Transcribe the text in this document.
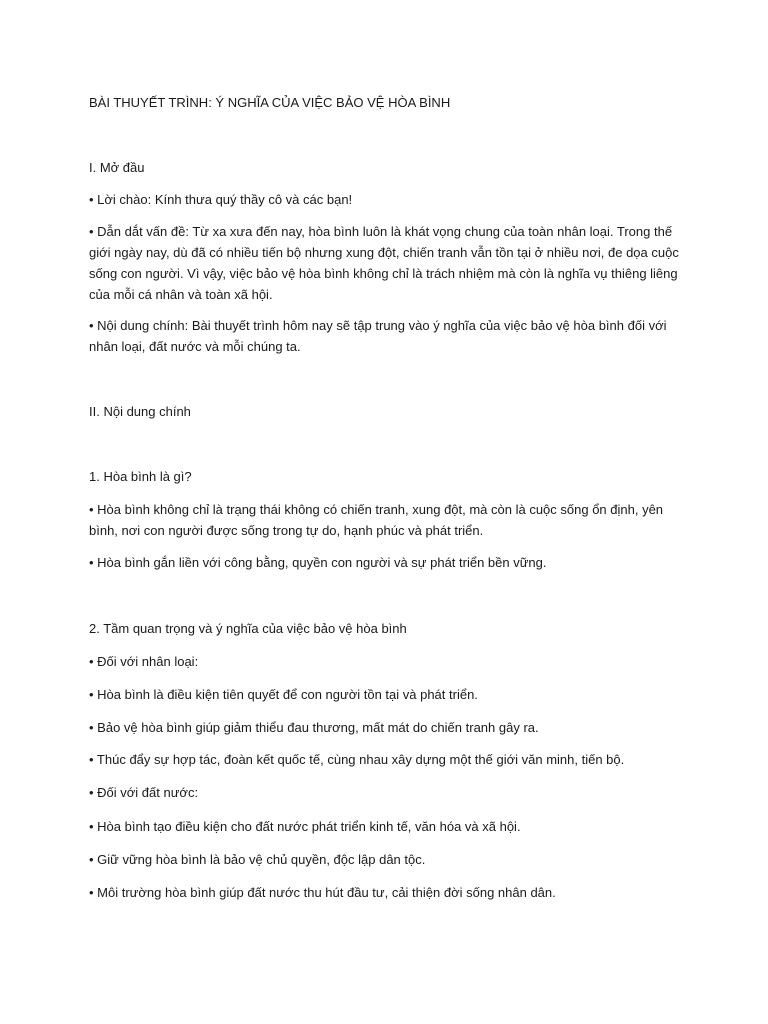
BÀI THUYẾT TRÌNH: Ý NGHĨA CỦA VIỆC BẢO VỆ HÒA BÌNH
I. Mở đầu
• Lời chào: Kính thưa quý thầy cô và các bạn!
• Dẫn dắt vấn đề: Từ xa xưa đến nay, hòa bình luôn là khát vọng chung của toàn nhân loại. Trong thế giới ngày nay, dù đã có nhiều tiến bộ nhưng xung đột, chiến tranh vẫn tồn tại ở nhiều nơi, đe dọa cuộc sống con người. Vì vậy, việc bảo vệ hòa bình không chỉ là trách nhiệm mà còn là nghĩa vụ thiêng liêng của mỗi cá nhân và toàn xã hội.
• Nội dung chính: Bài thuyết trình hôm nay sẽ tập trung vào ý nghĩa của việc bảo vệ hòa bình đối với nhân loại, đất nước và mỗi chúng ta.
II. Nội dung chính
1. Hòa bình là gì?
• Hòa bình không chỉ là trạng thái không có chiến tranh, xung đột, mà còn là cuộc sống ổn định, yên bình, nơi con người được sống trong tự do, hạnh phúc và phát triển.
• Hòa bình gắn liền với công bằng, quyền con người và sự phát triển bền vững.
2. Tầm quan trọng và ý nghĩa của việc bảo vệ hòa bình
• Đối với nhân loại:
• Hòa bình là điều kiện tiên quyết để con người tồn tại và phát triển.
• Bảo vệ hòa bình giúp giảm thiểu đau thương, mất mát do chiến tranh gây ra.
• Thúc đẩy sự hợp tác, đoàn kết quốc tế, cùng nhau xây dựng một thế giới văn minh, tiến bộ.
• Đối với đất nước:
• Hòa bình tạo điều kiện cho đất nước phát triển kinh tế, văn hóa và xã hội.
• Giữ vững hòa bình là bảo vệ chủ quyền, độc lập dân tộc.
• Môi trường hòa bình giúp đất nước thu hút đầu tư, cải thiện đời sống nhân dân.
